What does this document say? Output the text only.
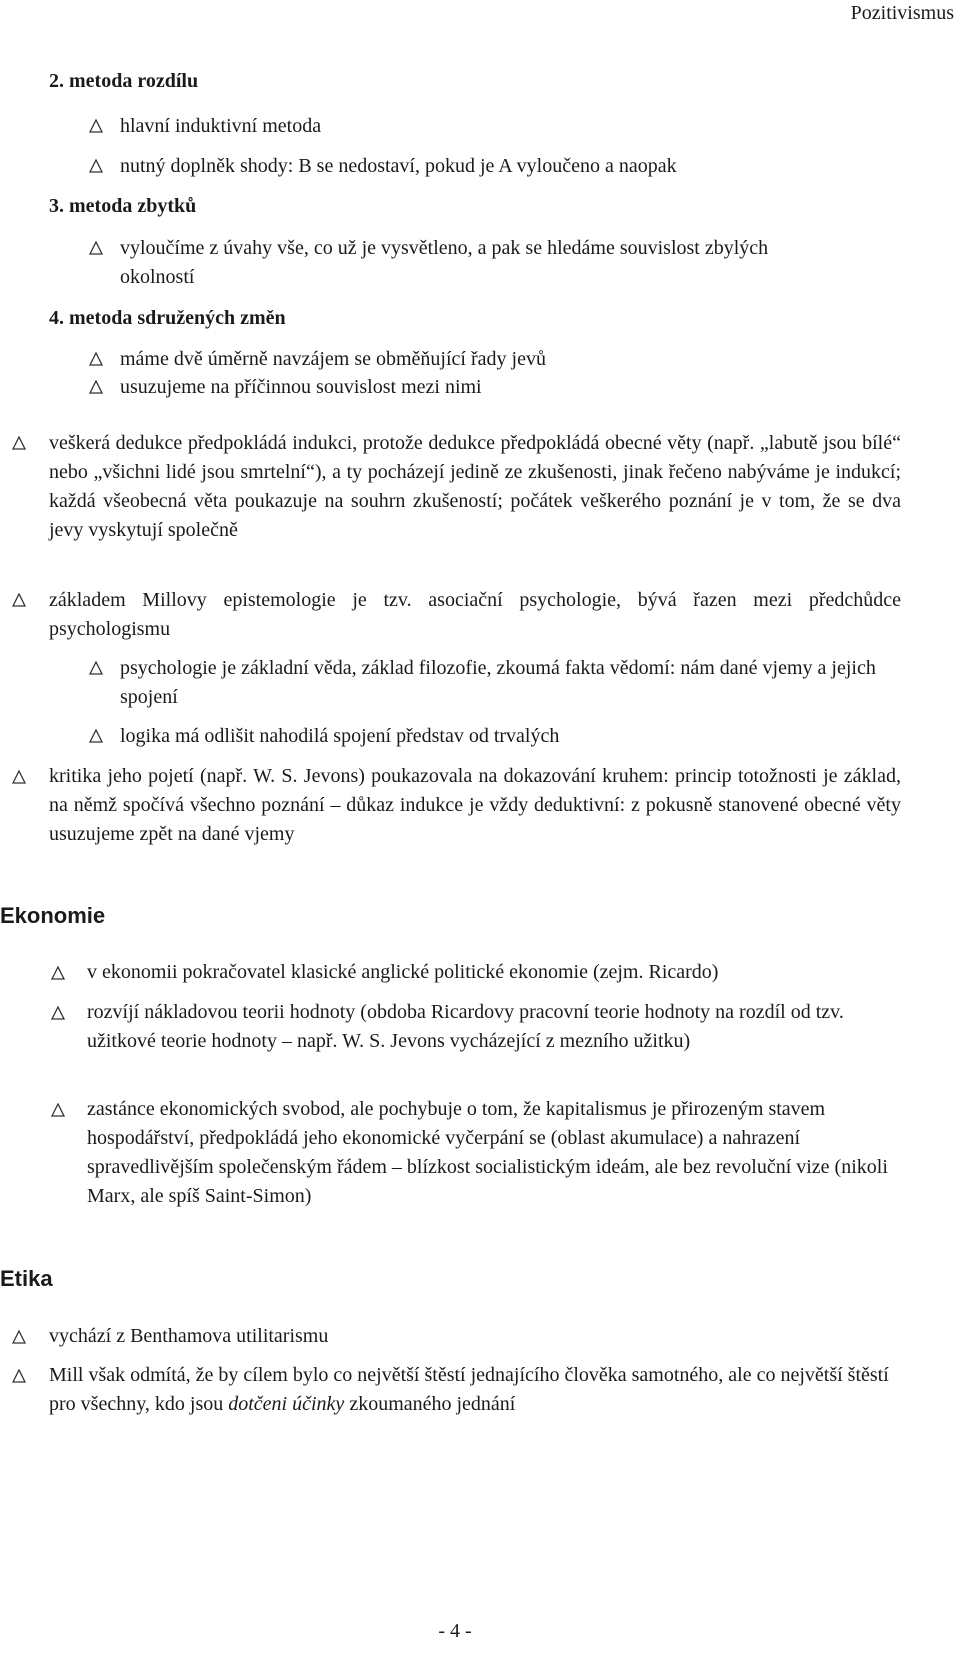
Pozitivismus
2. metoda rozdílu
hlavní induktivní metoda
nutný doplněk shody: B se nedostaví, pokud je A vyloučeno a naopak
3. metoda zbytků
vyloučíme z úvahy vše, co už je vysvětleno, a pak se hledáme souvislost zbylých okolností
4. metoda sdružených změn
máme dvě úměrně navzájem se obměňující řady jevů
usuzujeme na příčinnou souvislost mezi nimi
veškerá dedukce předpokládá indukci, protože dedukce předpokládá obecné věty (např. „labutě jsou bílé“ nebo „všichni lidé jsou smrtelní“), a ty pocházejí jedině ze zkušenosti, jinak řečeno nabýváme je indukcí; každá všeobecná věta poukazuje na souhrn zkušeností; počátek veškerého poznání je v tom, že se dva jevy vyskytují společně
základem Millovy epistemologie je tzv. asociační psychologie, bývá řazen mezi předchůdce psychologismu
psychologie je základní věda, základ filozofie, zkoumá fakta vědomí: nám dané vjemy a jejich spojení
logika má odlišit nahodilá spojení představ od trvalých
kritika jeho pojetí (např. W. S. Jevons) poukazovala na dokazování kruhem: princip totožnosti je základ, na němž spočívá všechno poznání – důkaz indukce je vždy deduktivní: z pokusně stanovené obecné věty usuzujeme zpět na dané vjemy
Ekonomie
v ekonomii pokračovatel klasické anglické politické ekonomie (zejm. Ricardo)
rozvíjí nákladovou teorii hodnoty (obdoba Ricardovy pracovní teorie hodnoty na rozdíl od tzv. užitkové teorie hodnoty – např. W. S. Jevons vycházející z mezního užitku)
zastánce ekonomických svobod, ale pochybuje o tom, že kapitalismus je přirozeným stavem hospodářství, předpokládá jeho ekonomické vyčerpání se (oblast akumulace) a nahrazení spravedlivějším společenským řádem – blízkost socialistickým ideám, ale bez revoluční vize (nikoli Marx, ale spíš Saint-Simon)
Etika
vychází z Benthamova utilitarismu
Mill však odmítá, že by cílem bylo co největší štěstí jednajícího člověka samotného, ale co největší štěstí pro všechny, kdo jsou dotčeni účinky zkoumaného jednání
- 4 -
